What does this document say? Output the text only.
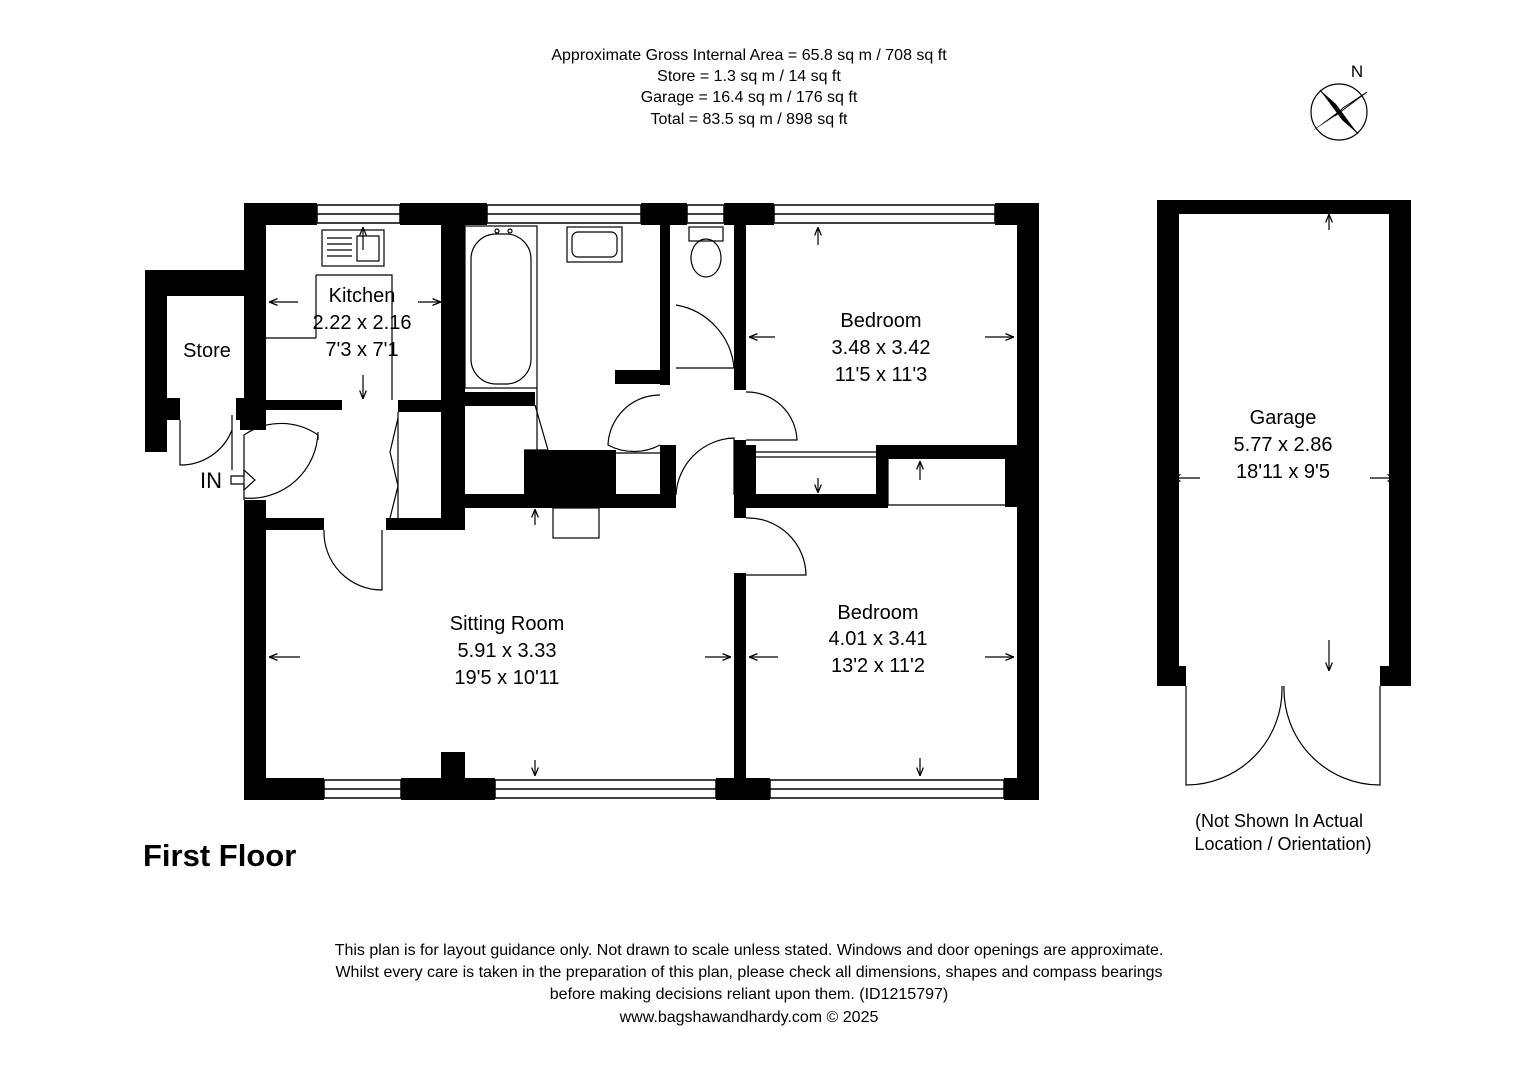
Approximate Gross Internal Area = 65.8 sq m / 708 sq ft
Store = 1.3 sq m / 14 sq ft
Garage = 16.4 sq m / 176 sq ft
Total = 83.5 sq m / 898 sq ft
N
Kitchen
2.22 x 2.16
7'3 x 7'1
Store
Bedroom
3.48 x 3.42
11'5 x 11'3
Sitting Room
5.91 x 3.33
19'5 x 10'11
Bedroom
4.01 x 3.41
13'2 x 11'2
Garage
5.77 x 2.86
18'11 x 9'5
IN
First Floor
(Not Shown In Actual
Location / Orientation)
This plan is for layout guidance only. Not drawn to scale unless stated. Windows and door openings are approximate.
Whilst every care is taken in the preparation of this plan, please check all dimensions, shapes and compass bearings
before making decisions reliant upon them. (ID1215797)
www.bagshawandhardy.com © 2025
